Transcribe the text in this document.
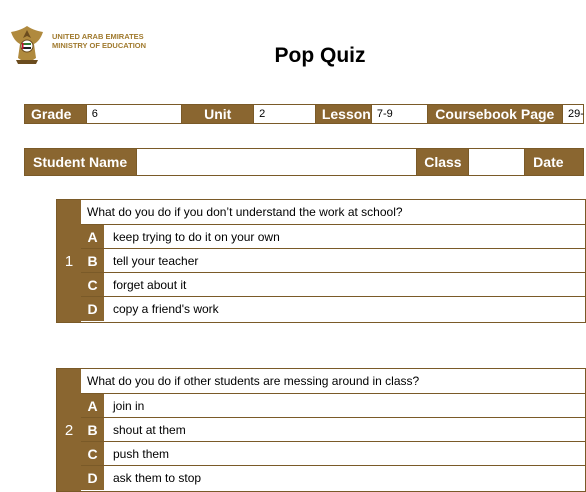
UNITED ARAB EMIRATES
MINISTRY OF EDUCATION	Pop Quiz
Grade	6	Unit	2	Lesson 7-9	Coursebook Page	29-
Student Name	Class	Date
1
What do you do if you don’t understand the work at school?
A	keep trying to do it on your own
B	tell your teacher
C	forget about it
D	copy a friend's work
2
What do you do if other students are messing around in class?
A	join in
B	shout at them
C	push them
D	ask them to stop
